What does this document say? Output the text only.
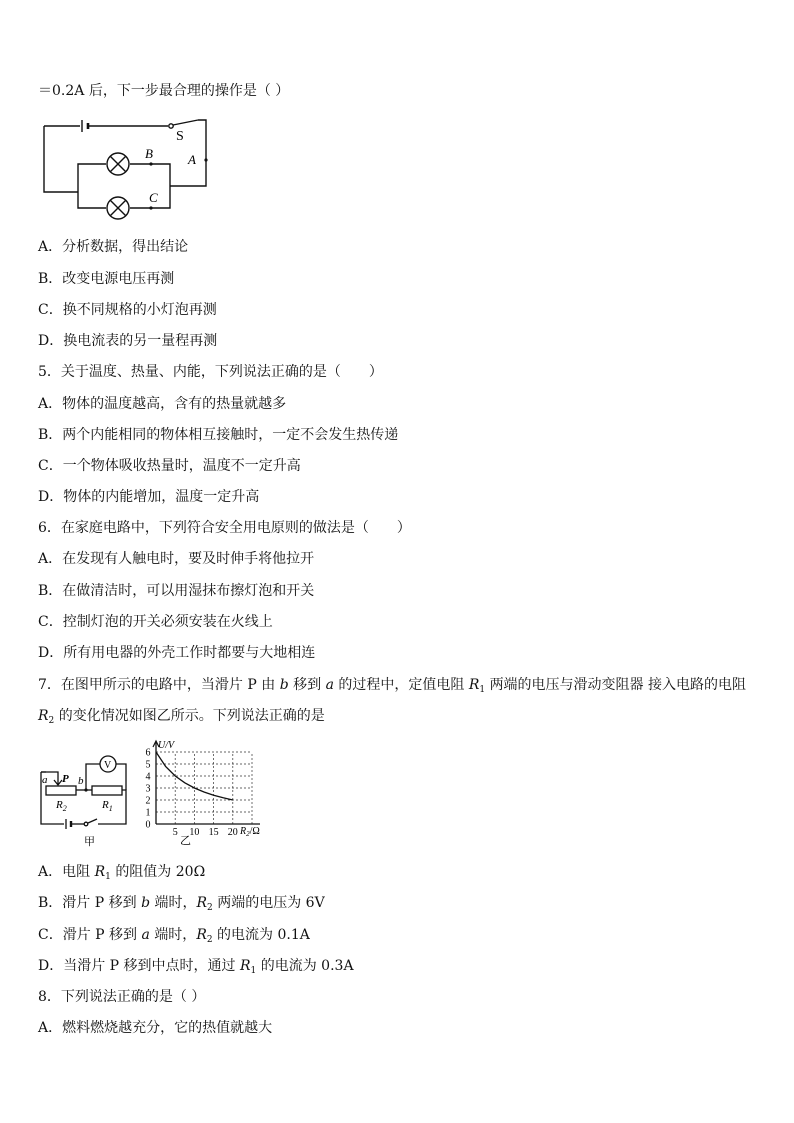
＝0.2A 后，下一步最合理的操作是（ ）
S
B	A
C
A．分析数据，得出结论
B．改变电源电压再测
C．换不同规格的小灯泡再测
D．换电流表的另一量程再测
5．关于温度、热量、内能，下列说法正确的是（　　）
A．物体的温度越高，含有的热量就越多
B．两个内能相同的物体相互接触时，一定不会发生热传递
C．一个物体吸收热量时，温度不一定升高
D．物体的内能增加，温度一定升高
6．在家庭电路中，下列符合安全用电原则的做法是（　　）
A．在发现有人触电时，要及时伸手将他拉开
B．在做清洁时，可以用湿抹布擦灯泡和开关
C．控制灯泡的开关必须安装在火线上
D．所有用电器的外壳工作时都要与大地相连
7．在图甲所示的电路中，当滑片 P 由 b 移到 a 的过程中，定值电阻 $R_1$ 两端的电压与滑动变阻器 接入电路的电阻
$R_2$ 的变化情况如图乙所示。下列说法正确的是
a P b
$R_2$	$R_1$
V
甲
0
1
2
3
4
5
6
5 10 15 20
U/V
$R_2/\Omega$
乙
A．电阻 $R_1$ 的阻值为 20Ω
B．滑片 P 移到 b 端时，$R_2$ 两端的电压为 6V
C．滑片 P 移到 a 端时，$R_2$ 的电流为 0.1A
D．当滑片 P 移到中点时，通过 $R_1$ 的电流为 0.3A
8．下列说法正确的是（ ）
A．燃料燃烧越充分，它的热值就越大
